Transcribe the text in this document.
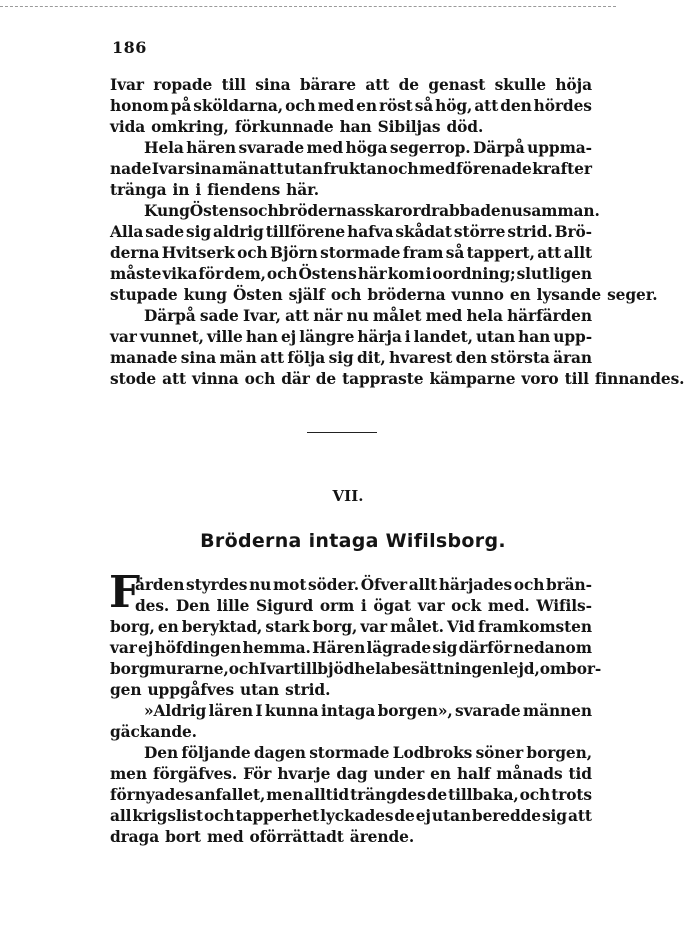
186
Ivar ropade till sina bärare att de genast skulle höja
honom på sköldarna, och med en röst så hög, att den hördes
vida omkring, förkunnade han Sibiljas död.
Hela hären svarade med höga segerrop. Därpå uppma-
nade Ivar sina män att utan fruktan och med förenade krafter
tränga in i fiendens här.
Kung Östens och brödernas skaror drabbade nu samman.
Alla sade sig aldrig tillförene hafva skådat större strid. Brö-
derna Hvitserk och Björn stormade fram så tappert, att allt
måste vika för dem, och Östens här kom i oordning; slutligen
stupade kung Östen själf och bröderna vunno en lysande seger.
Därpå sade Ivar, att när nu målet med hela härfärden
var vunnet, ville han ej längre härja i landet, utan han upp-
manade sina män att följa sig dit, hvarest den största äran
stode att vinna och där de tappraste kämparne voro till finnandes.
VII.
Bröderna intaga Wifilsborg.
F
ärden styrdes nu mot söder. Öfver allt härjades och brän-
des. Den lille Sigurd orm i ögat var ock med. Wifils-
borg, en beryktad, stark borg, var målet. Vid framkomsten
var ej höfdingen hemma. Hären lägrade sig därför nedanom
borgmurarne, och Ivar tillbjöd hela besättningen lejd, om bor-
gen uppgåfves utan strid.
»Aldrig lären I kunna intaga borgen», svarade männen
gäckande.
Den följande dagen stormade Lodbroks söner borgen,
men förgäfves. För hvarje dag under en half månads tid
förnyades anfallet, men alltid trängdes de tillbaka, och trots
all krigslist och tapperhet lyckades de ej utan beredde sig att
draga bort med oförrättadt ärende.
